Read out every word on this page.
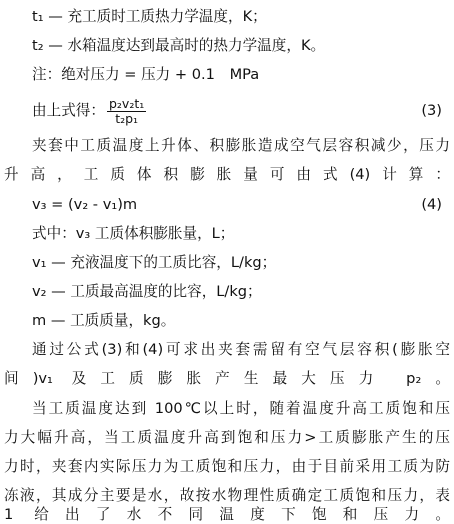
t₁ — 充工质时工质热力学温度，K；
t₂ — 水箱温度达到最高时的热力学温度，K。
注：绝对压力 = 压力 + 0.1　MPa
由上式得： $\frac{\text{p₂v₂t₁}}{\text{t₂p₁}}$	(3)
夹套中工质温度上升体、积膨胀造成空气层容积减少，压力
升高，工质体积膨胀量可由式(4)计算：
v₃ = (v₂ - v₁)m	(4)
式中：v₃ 工质体积膨胀量，L；
v₁ — 充液温度下的工质比容，L/kg；
v₂ — 工质最高温度的比容，L/kg；
m — 工质质量，kg。
通过公式(3)和(4)可求出夹套需留有空气层容积(膨胀空
间)v₁ 及工质膨胀产生最大压力 p₂。
当工质温度达到 100℃以上时，随着温度升高工质饱和压
力大幅升高，当工质温度升高到饱和压力>工质膨胀产生的压
力时，夹套内实际压力为工质饱和压力，由于目前采用工质为防
冻液，其成分主要是水，故按水物理性质确定工质饱和压力，表
1 给出了水不同温度下饱和压力。
